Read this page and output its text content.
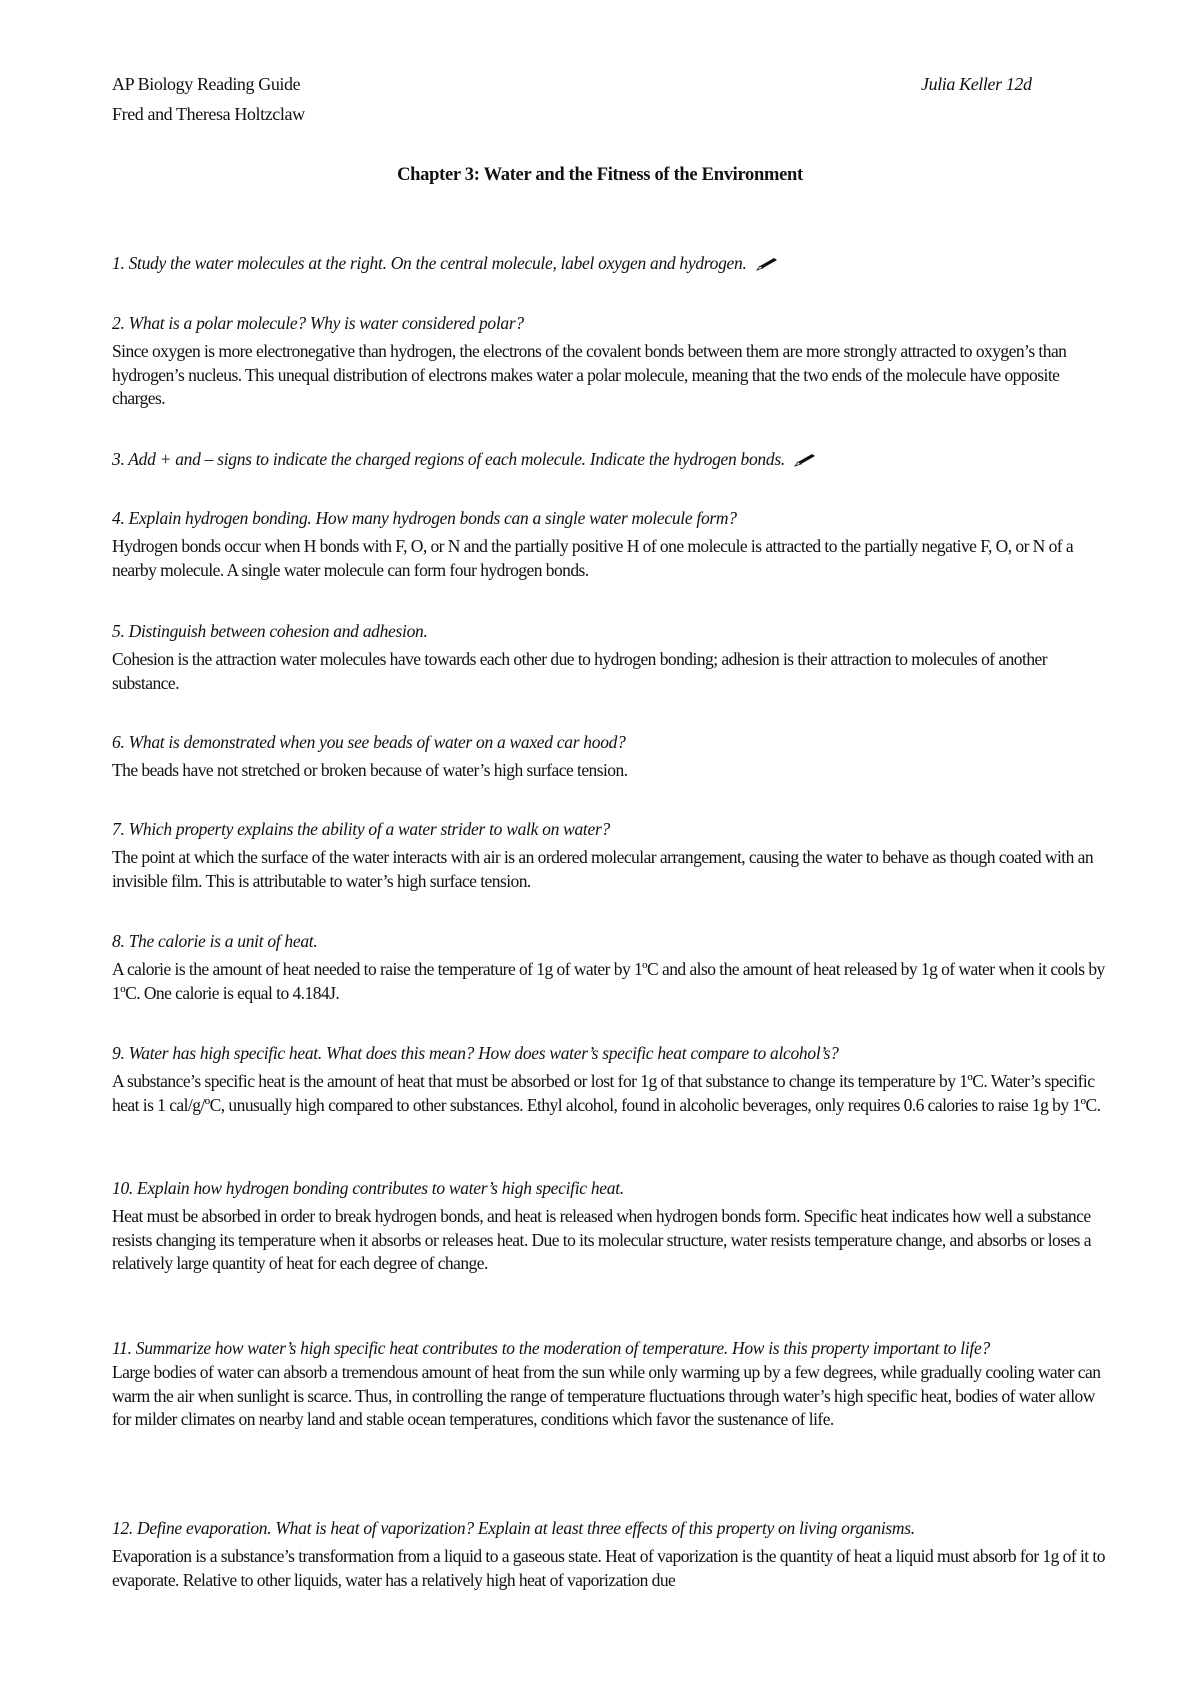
AP Biology Reading Guide
Fred and Theresa Holtzclaw
Julia Keller 12d
Chapter 3: Water and the Fitness of the Environment

1. Study the water molecules at the right. On the central molecule, label oxygen and hydrogen.

2. What is a polar molecule? Why is water considered polar?

Since oxygen is more electronegative than hydrogen, the electrons of the covalent bonds between them are more strongly attracted to oxygen’s than hydrogen’s nucleus. This unequal distribution of electrons makes water a polar molecule, meaning that the two ends of the molecule have opposite charges.

3. Add + and – signs to indicate the charged regions of each molecule. Indicate the hydrogen bonds.

4. Explain hydrogen bonding. How many hydrogen bonds can a single water molecule form?

Hydrogen bonds occur when H bonds with F, O, or N and the partially positive H of one molecule is attracted to the partially negative F, O, or N of a nearby molecule. A single water molecule can form four hydrogen bonds.

5. Distinguish between cohesion and adhesion.

Cohesion is the attraction water molecules have towards each other due to hydrogen bonding; adhesion is their attraction to molecules of another substance.

6. What is demonstrated when you see beads of water on a waxed car hood?

The beads have not stretched or broken because of water’s high surface tension.

7. Which property explains the ability of a water strider to walk on water?

The point at which the surface of the water interacts with air is an ordered molecular arrangement, causing the water to behave as though coated with an invisible film. This is attributable to water’s high surface tension.

8. The calorie is a unit of heat.

A calorie is the amount of heat needed to raise the temperature of 1g of water by 1ºC and also the amount of heat released by 1g of water when it cools by 1ºC. One calorie is equal to 4.184J.

9. Water has high specific heat. What does this mean? How does water’s specific heat compare to alcohol’s?

A substance’s specific heat is the amount of heat that must be absorbed or lost for 1g of that substance to change its temperature by 1ºC. Water’s specific heat is 1 cal/g/ºC, unusually high compared to other substances. Ethyl alcohol, found in alcoholic beverages, only requires 0.6 calories to raise 1g by 1ºC.

10. Explain how hydrogen bonding contributes to water’s high specific heat.

Heat must be absorbed in order to break hydrogen bonds, and heat is released when hydrogen bonds form. Specific heat indicates how well a substance resists changing its temperature when it absorbs or releases heat. Due to its molecular structure, water resists temperature change, and absorbs or loses a relatively large quantity of heat for each degree of change.

11. Summarize how water’s high specific heat contributes to the moderation of temperature. How is this property important to life?

Large bodies of water can absorb a tremendous amount of heat from the sun while only warming up by a few degrees, while gradually cooling water can warm the air when sunlight is scarce. Thus, in controlling the range of temperature fluctuations through water’s high specific heat, bodies of water allow for milder climates on nearby land and stable ocean temperatures, conditions which favor the sustenance of life.

12. Define evaporation. What is heat of vaporization? Explain at least three effects of this property on living organisms.

Evaporation is a substance’s transformation from a liquid to a gaseous state. Heat of vaporization is the quantity of heat a liquid must absorb for 1g of it to evaporate. Relative to other liquids, water has a relatively high heat of vaporization due
